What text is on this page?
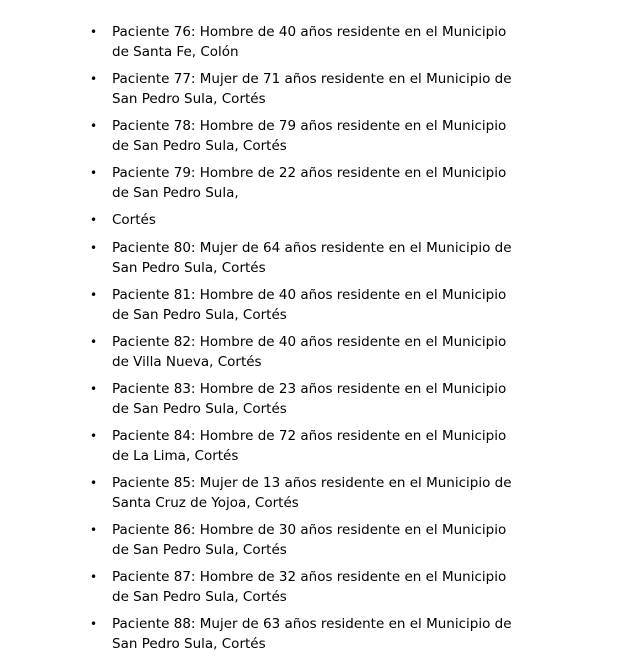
• Paciente 76: Hombre de 40 años residente en el Municipio de Santa Fe, Colón
• Paciente 77: Mujer de 71 años residente en el Municipio de San Pedro Sula, Cortés
• Paciente 78: Hombre de 79 años residente en el Municipio de San Pedro Sula, Cortés
• Paciente 79: Hombre de 22 años residente en el Municipio de San Pedro Sula,
• Cortés
• Paciente 80: Mujer de 64 años residente en el Municipio de San Pedro Sula, Cortés
• Paciente 81: Hombre de 40 años residente en el Municipio de San Pedro Sula, Cortés
• Paciente 82: Hombre de 40 años residente en el Municipio de Villa Nueva, Cortés
• Paciente 83: Hombre de 23 años residente en el Municipio de San Pedro Sula, Cortés
• Paciente 84: Hombre de 72 años residente en el Municipio de La Lima, Cortés
• Paciente 85: Mujer de 13 años residente en el Municipio de Santa Cruz de Yojoa, Cortés
• Paciente 86: Hombre de 30 años residente en el Municipio de San Pedro Sula, Cortés
• Paciente 87: Hombre de 32 años residente en el Municipio de San Pedro Sula, Cortés
• Paciente 88: Mujer de 63 años residente en el Municipio de San Pedro Sula, Cortés
